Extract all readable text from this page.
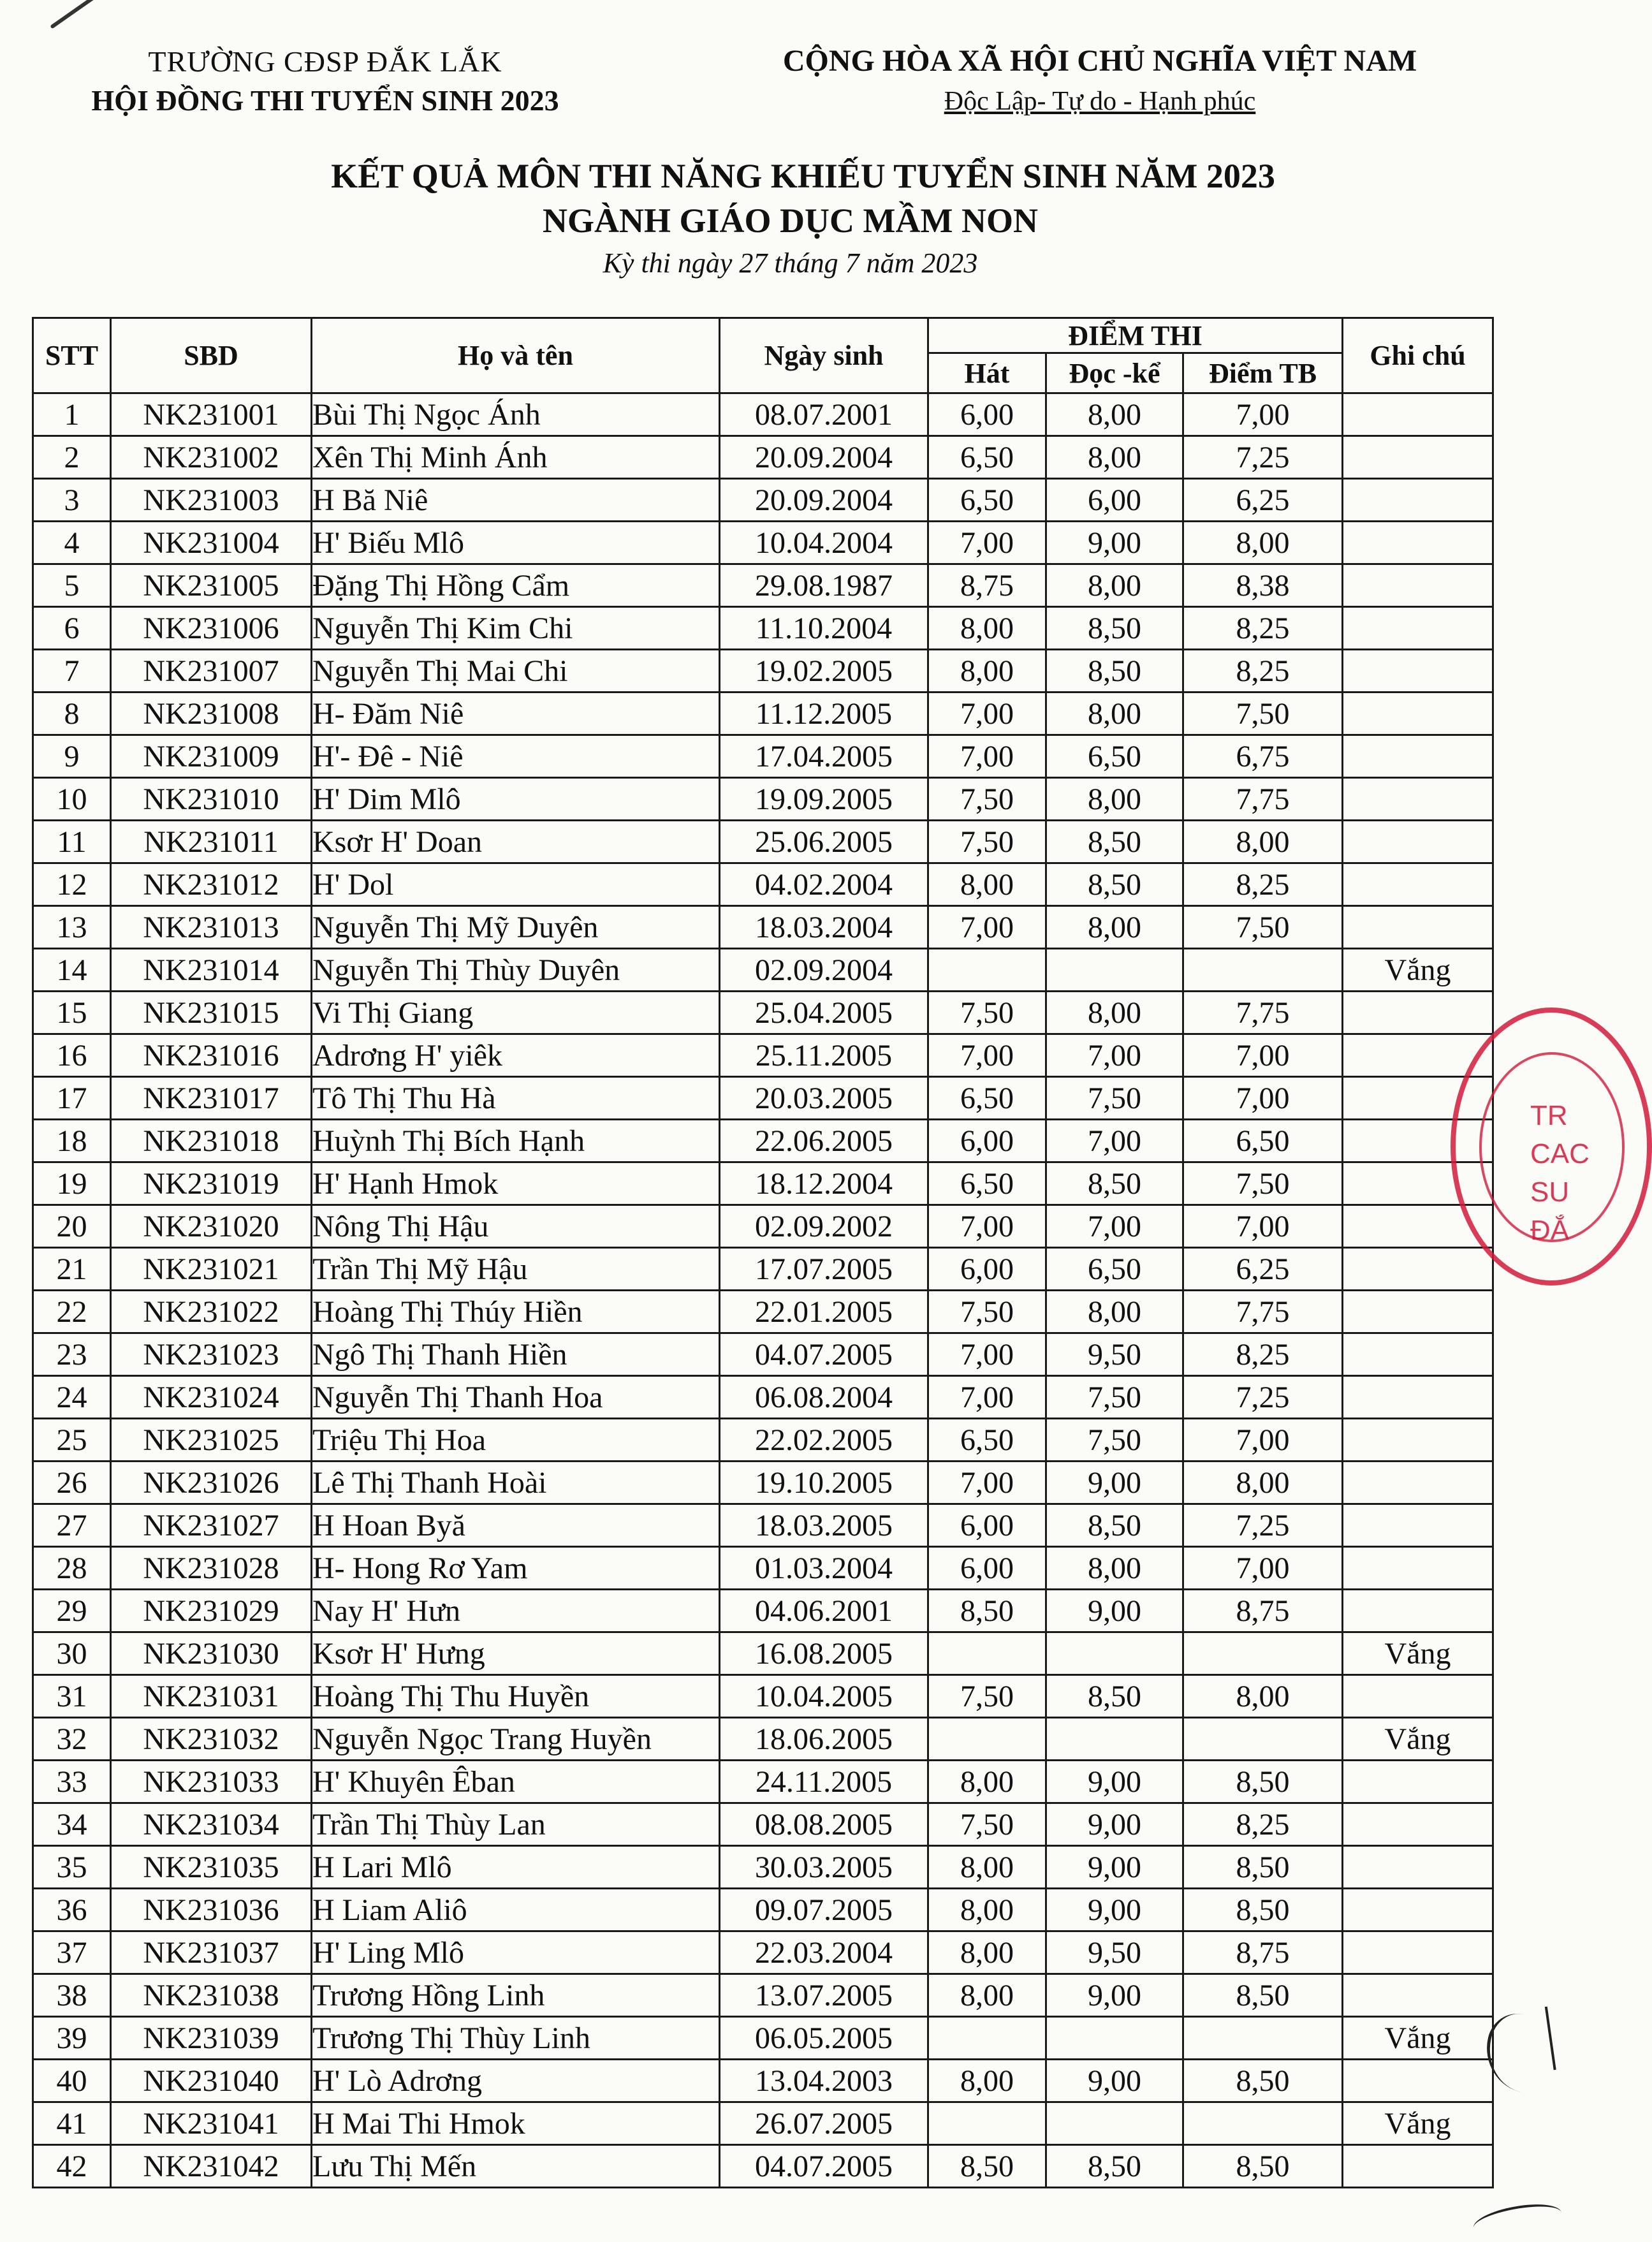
TRƯỜNG CĐSP ĐẮK LẮK
HỘI ĐỒNG THI TUYỂN SINH 2023
CỘNG HÒA XÃ HỘI CHỦ NGHĨA VIỆT NAM
Độc Lập- Tự do - Hạnh phúc
KẾT QUẢ MÔN THI NĂNG KHIẾU TUYỂN SINH NĂM 2023
NGÀNH GIÁO DỤC MẦM NON
Kỳ thi ngày 27 tháng 7 năm 2023
STT	SBD	Họ và tên	Ngày sinh	ĐIỂM THI			Ghi chú
				Hát	Đọc -kể	Điểm TB	
1	NK231001	Bùi Thị Ngọc Ánh	08.07.2001	6,00	8,00	7,00	
2	NK231002	Xên Thị Minh Ánh	20.09.2004	6,50	8,00	7,25	
3	NK231003	H Bă Niê	20.09.2004	6,50	6,00	6,25	
4	NK231004	H' Biếu Mlô	10.04.2004	7,00	9,00	8,00	
5	NK231005	Đặng Thị Hồng Cẩm	29.08.1987	8,75	8,00	8,38	
6	NK231006	Nguyễn Thị Kim Chi	11.10.2004	8,00	8,50	8,25	
7	NK231007	Nguyễn Thị Mai Chi	19.02.2005	8,00	8,50	8,25	
8	NK231008	H- Đăm Niê	11.12.2005	7,00	8,00	7,50	
9	NK231009	H'- Đê - Niê	17.04.2005	7,00	6,50	6,75	
10	NK231010	H' Dim Mlô	19.09.2005	7,50	8,00	7,75	
11	NK231011	Ksơr H' Doan	25.06.2005	7,50	8,50	8,00	
12	NK231012	H' Dol	04.02.2004	8,00	8,50	8,25	
13	NK231013	Nguyễn Thị Mỹ Duyên	18.03.2004	7,00	8,00	7,50	
14	NK231014	Nguyễn Thị Thùy Duyên	02.09.2004				Vắng
15	NK231015	Vi Thị Giang	25.04.2005	7,50	8,00	7,75	
16	NK231016	Adrơng H' yiêk	25.11.2005	7,00	7,00	7,00	
17	NK231017	Tô Thị Thu Hà	20.03.2005	6,50	7,50	7,00	
18	NK231018	Huỳnh Thị Bích Hạnh	22.06.2005	6,00	7,00	6,50	
19	NK231019	H' Hạnh Hmok	18.12.2004	6,50	8,50	7,50	
20	NK231020	Nông Thị Hậu	02.09.2002	7,00	7,00	7,00	
21	NK231021	Trần Thị Mỹ Hậu	17.07.2005	6,00	6,50	6,25	
22	NK231022	Hoàng Thị Thúy Hiền	22.01.2005	7,50	8,00	7,75	
23	NK231023	Ngô Thị Thanh Hiền	04.07.2005	7,00	9,50	8,25	
24	NK231024	Nguyễn Thị Thanh Hoa	06.08.2004	7,00	7,50	7,25	
25	NK231025	Triệu Thị Hoa	22.02.2005	6,50	7,50	7,00	
26	NK231026	Lê Thị Thanh Hoài	19.10.2005	7,00	9,00	8,00	
27	NK231027	H Hoan Byă	18.03.2005	6,00	8,50	7,25	
28	NK231028	H- Hong Rơ Yam	01.03.2004	6,00	8,00	7,00	
29	NK231029	Nay H' Hưn	04.06.2001	8,50	9,00	8,75	
30	NK231030	Ksơr H' Hưng	16.08.2005				Vắng
31	NK231031	Hoàng Thị Thu Huyền	10.04.2005	7,50	8,50	8,00	
32	NK231032	Nguyễn Ngọc Trang Huyền	18.06.2005				Vắng
33	NK231033	H' Khuyên Êban	24.11.2005	8,00	9,00	8,50	
34	NK231034	Trần Thị Thùy Lan	08.08.2005	7,50	9,00	8,25	
35	NK231035	H Lari Mlô	30.03.2005	8,00	9,00	8,50	
36	NK231036	H Liam Aliô	09.07.2005	8,00	9,00	8,50	
37	NK231037	H' Ling Mlô	22.03.2004	8,00	9,50	8,75	
38	NK231038	Trương Hồng Linh	13.07.2005	8,00	9,00	8,50	
39	NK231039	Trương Thị Thùy Linh	06.05.2005				Vắng
40	NK231040	H' Lò Adrơng	13.04.2003	8,00	9,00	8,50	
41	NK231041	H Mai Thi Hmok	26.07.2005				Vắng
42	NK231042	Lưu Thị Mến	04.07.2005	8,50	8,50	8,50	
TR
CAC
SU
ĐẮ
